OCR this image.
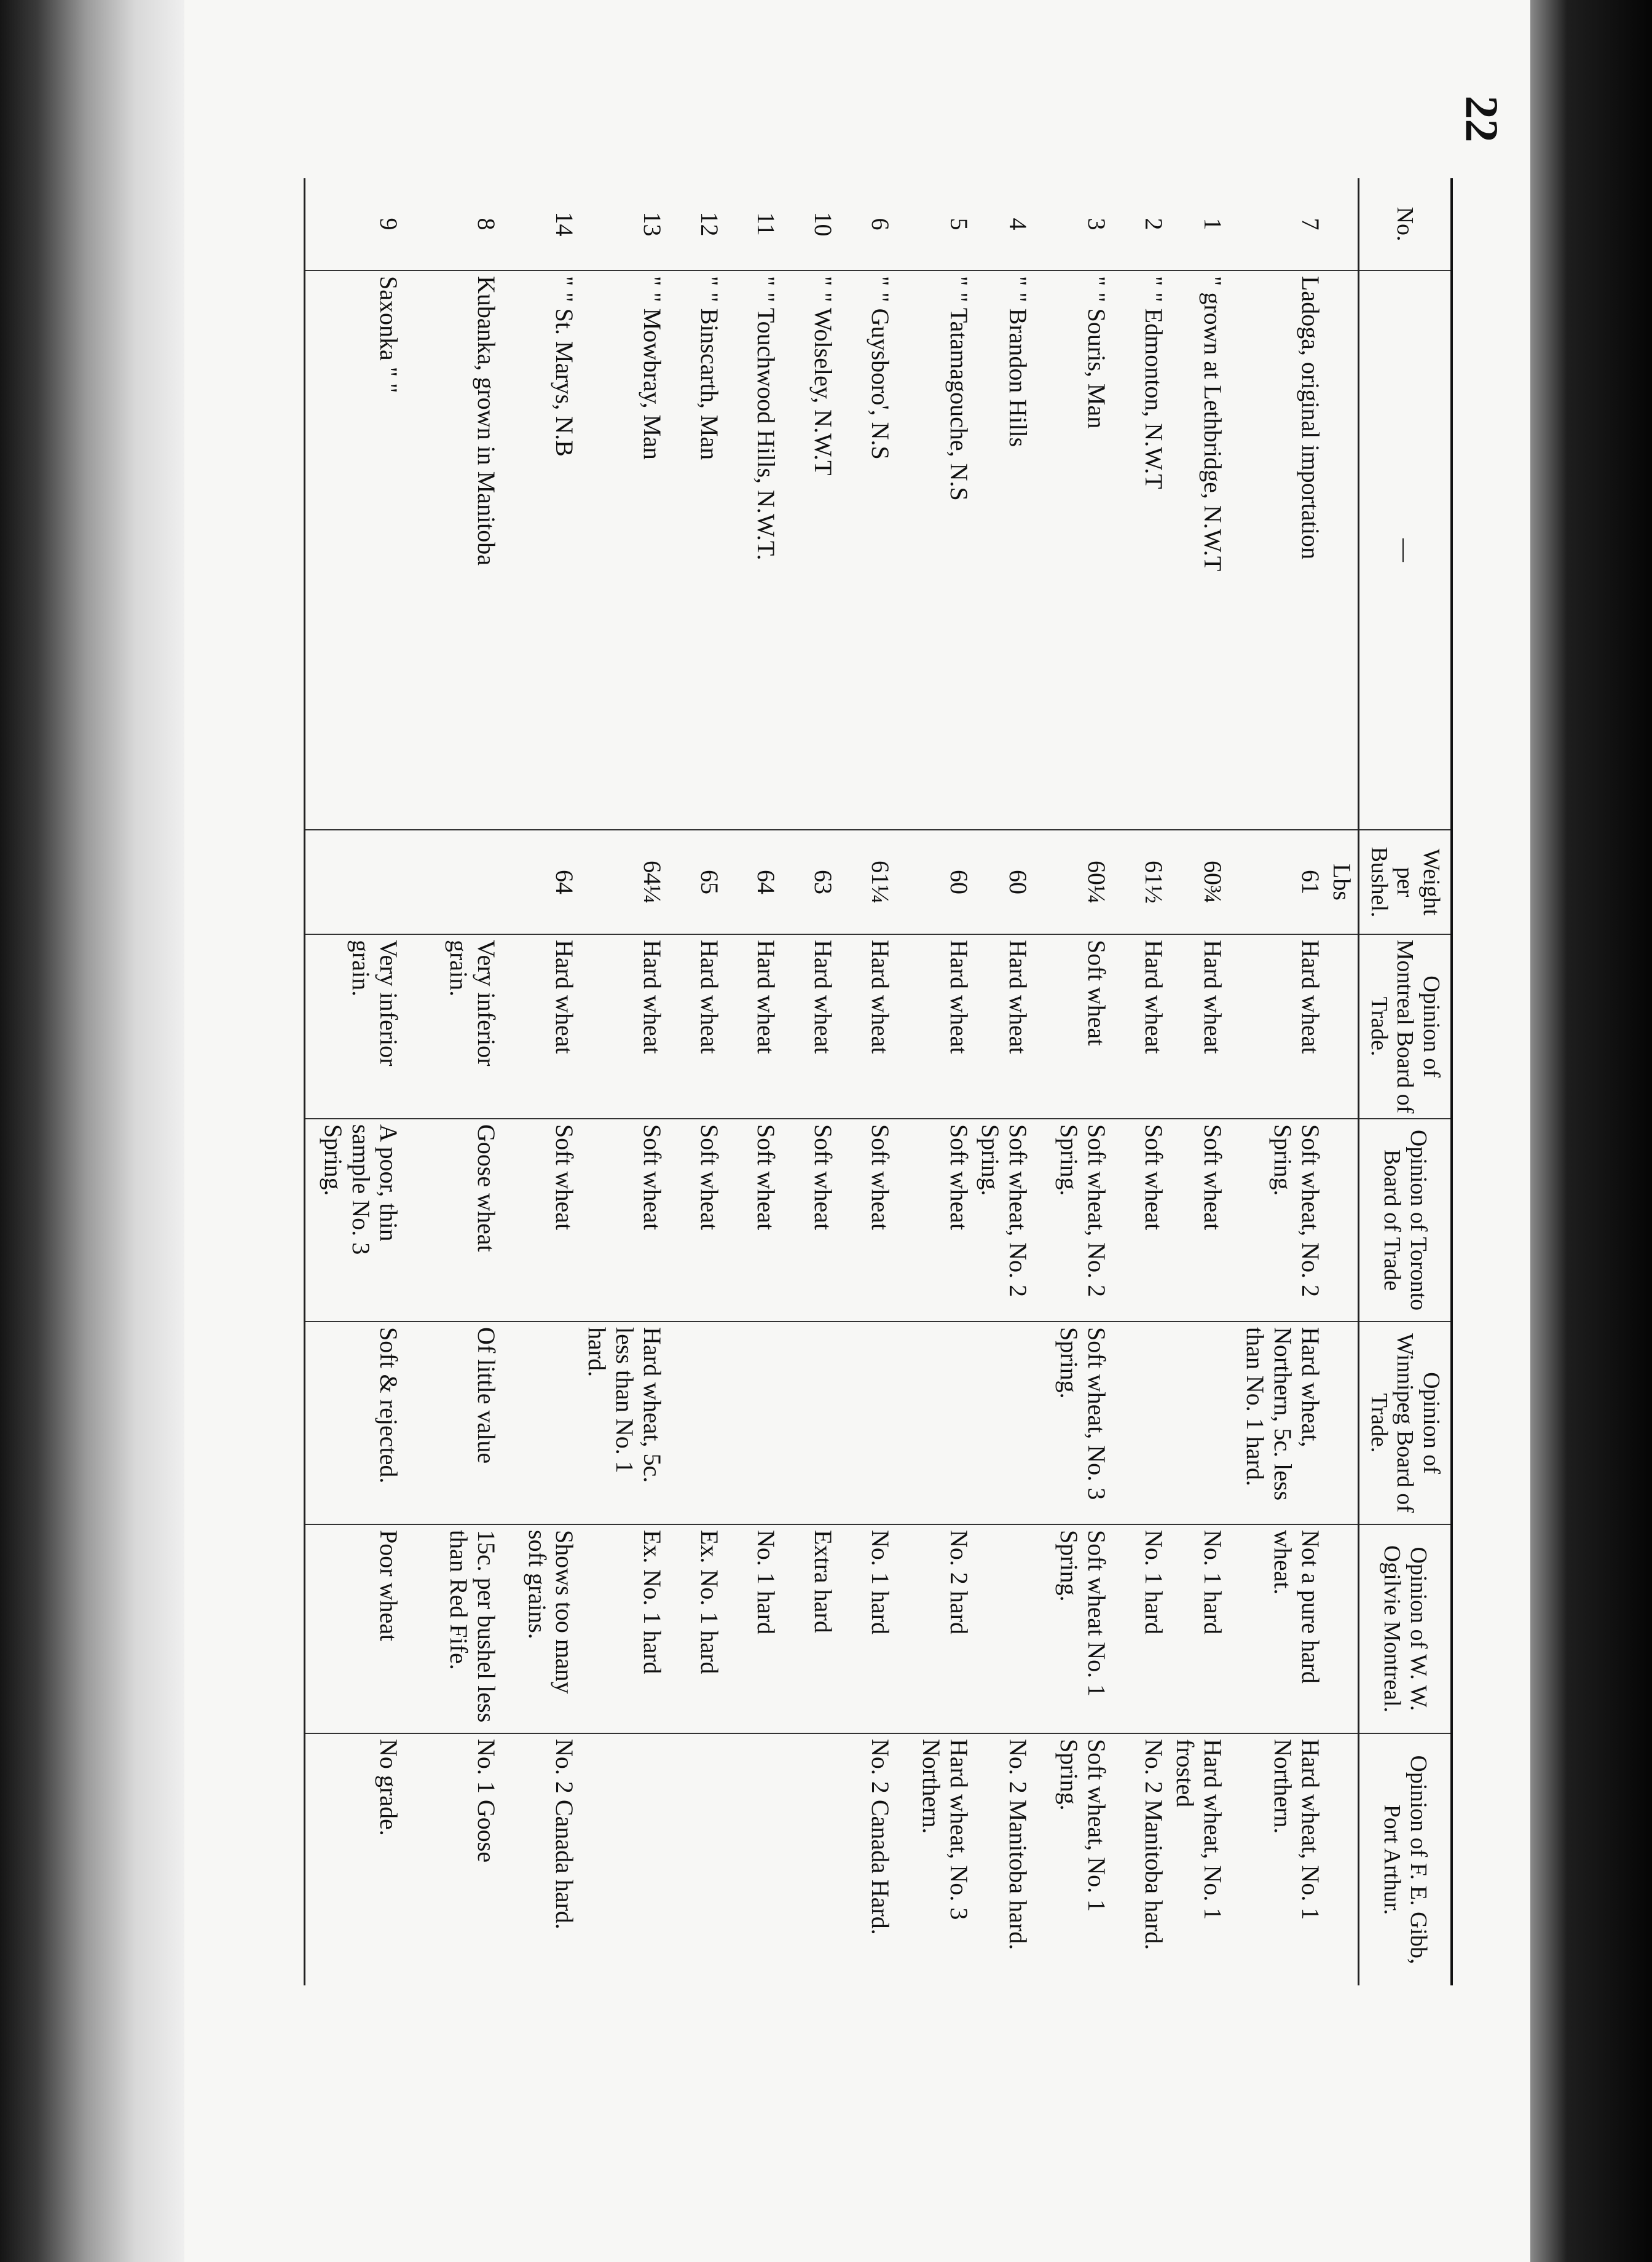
22
No.	—	Weight per Bushel.	Opinion of Montreal Board of Trade.	Opinion of Toronto Board of Trade	Opinion of Winnipeg Board of Trade.	Opinion of W. W. Ogilvie Montreal.	Opinion of F. E. Gibb, Port Arthur.
		Lbs					
7	Ladoga, original importation	61	Hard wheat	Soft wheat, No. 2 Spring.	Hard wheat, Northern, 5c. less than No. 1 hard.	Not a pure hard wheat.	Hard wheat, No. 1 Northern.
1	" grown at Lethbridge, N.W.T	60¾	Hard wheat	Soft wheat		No. 1 hard	Hard wheat, No. 1 frosted
2	" " Edmonton, N.W.T	61½	Hard wheat	Soft wheat		No. 1 hard	No. 2 Manitoba hard.
3	" " Souris, Man	60¼	Soft wheat	Soft wheat, No. 2 Spring.	Soft wheat, No. 3 Spring.	Soft wheat No. 1 Spring.	Soft wheat, No. 1 Spring.
4	" " Brandon Hills	60	Hard wheat	Soft wheat, No. 2 Spring.			No. 2 Manitoba hard.
5	" " Tatamagouche, N.S	60	Hard wheat	Soft wheat		No. 2 hard	Hard wheat, No. 3 Northern.
6	" " Guysboro', N.S	61¼	Hard wheat	Soft wheat		No. 1 hard	No. 2 Canada Hard.
10	" " Wolseley, N.W.T	63	Hard wheat	Soft wheat		Extra hard	
11	" " Touchwood Hills, N.W.T.	64	Hard wheat	Soft wheat		No. 1 hard	
12	" " Binscarth, Man	65	Hard wheat	Soft wheat		Ex. No. 1 hard	
13	" " Mowbray, Man	64¼	Hard wheat	Soft wheat	Hard wheat, 5c. less than No. 1 hard.	Ex. No. 1 hard	
14	" " St. Marys, N.B	64	Hard wheat	Soft wheat		Shows too many soft grains.	No. 2 Canada hard.
8	Kubanka, grown in Manitoba		Very inferior grain.	Goose wheat	Of little value	15c. per bushel less than Red Fife.	No. 1 Goose
9	Saxonka " "		Very inferior grain.	A poor, thin sample No. 3 Spring.	Soft & rejected.	Poor wheat	No grade.
